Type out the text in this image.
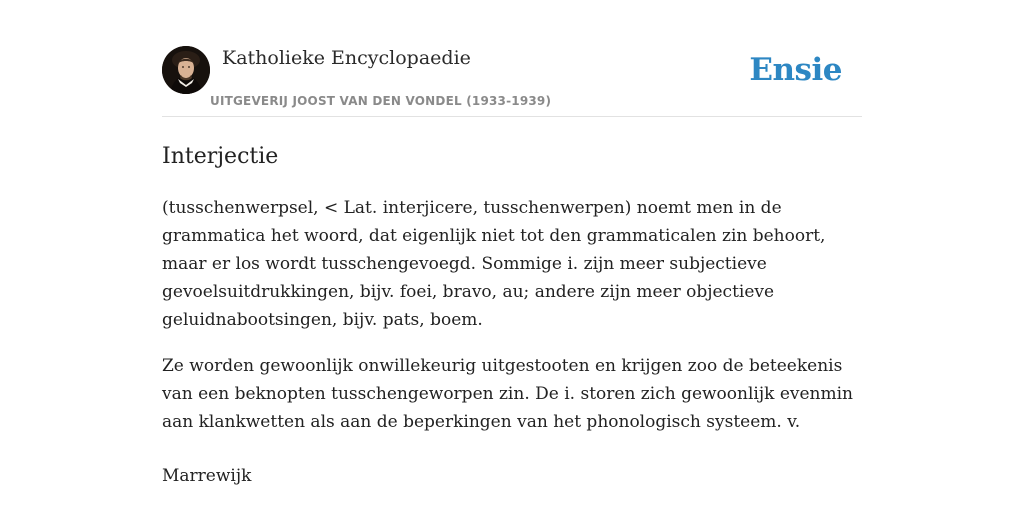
Katholieke Encyclopaedie
UITGEVERIJ JOOST VAN DEN VONDEL (1933-1939)
Ensie
Interjectie

(tusschenwerpsel, < Lat. interjicere, tusschenwerpen) noemt men in de grammatica het woord, dat eigenlijk niet tot den grammaticalen zin behoort, maar er los wordt tusschengevoegd. Sommige i. zijn meer subjectieve gevoelsuitdrukkingen, bijv. foei, bravo, au; andere zijn meer objectieve geluidnabootsingen, bijv. pats, boem.

Ze worden gewoonlijk onwillekeurig uitgestooten en krijgen zoo de beteekenis van een beknopten tusschengeworpen zin. De i. storen zich gewoonlijk evenmin aan klankwetten als aan de beperkingen van het phonologisch systeem. v.

Marrewijk
